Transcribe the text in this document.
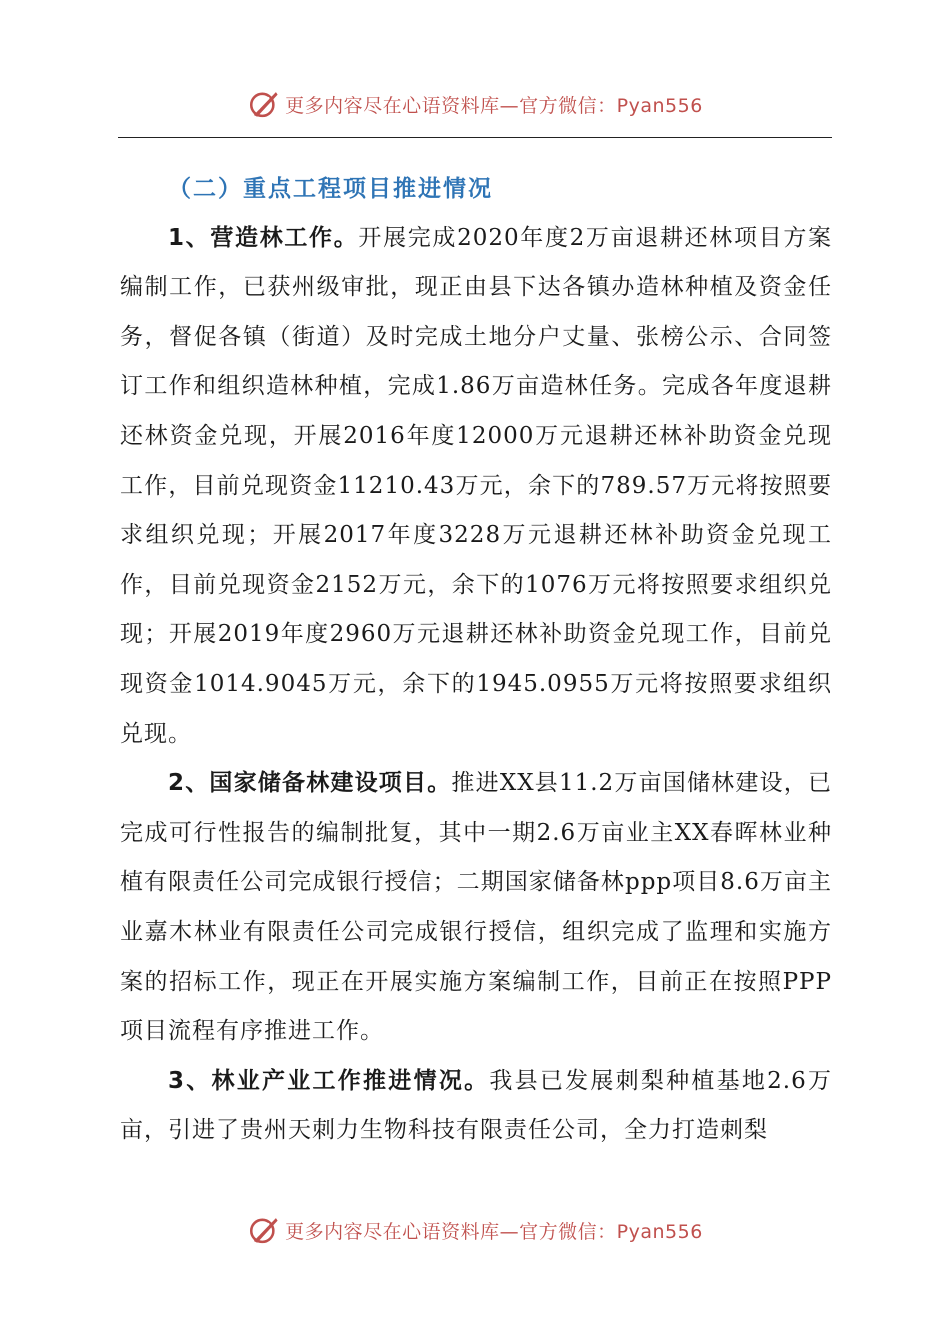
更多内容尽在心语资料库—官方微信：Pyan556
（二）重点工程项目推进情况

1、营造林工作。开展完成2020年度2万亩退耕还林项目方案编制工作，已获州级审批，现正由县下达各镇办造林种植及资金任务，督促各镇（街道）及时完成土地分户丈量、张榜公示、合同签订工作和组织造林种植，完成1.86万亩造林任务。完成各年度退耕还林资金兑现，开展2016年度12000万元退耕还林补助资金兑现工作，目前兑现资金11210.43万元，余下的789.57万元将按照要求组织兑现；开展2017年度3228万元退耕还林补助资金兑现工作，目前兑现资金2152万元，余下的1076万元将按照要求组织兑现；开展2019年度2960万元退耕还林补助资金兑现工作，目前兑现资金1014.9045万元，余下的1945.0955万元将按照要求组织兑现。

2、国家储备林建设项目。推进XX县11.2万亩国储林建设，已完成可行性报告的编制批复，其中一期2.6万亩业主XX春晖林业种植有限责任公司完成银行授信；二期国家储备林ppp项目8.6万亩主业嘉木林业有限责任公司完成银行授信，组织完成了监理和实施方案的招标工作，现正在开展实施方案编制工作，目前正在按照PPP项目流程有序推进工作。

3、林业产业工作推进情况。我县已发展刺梨种植基地2.6万亩，引进了贵州天刺力生物科技有限责任公司，全力打造刺梨

更多内容尽在心语资料库—官方微信：Pyan556
